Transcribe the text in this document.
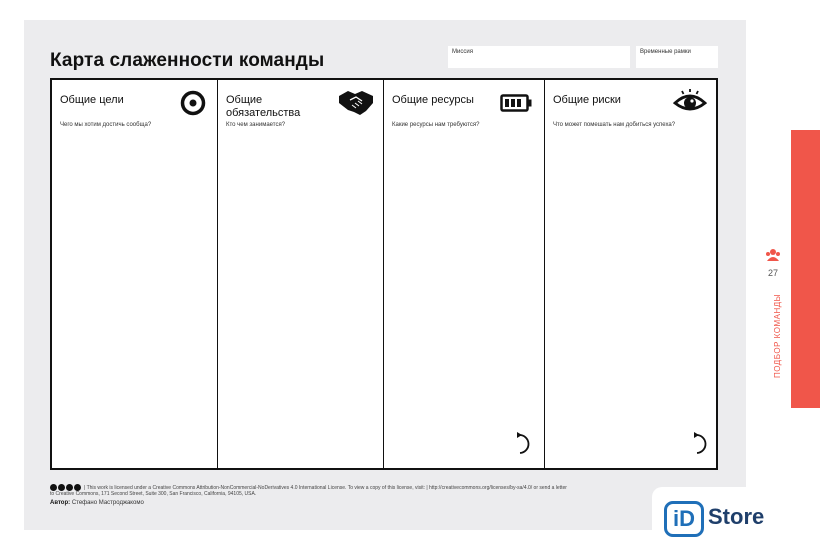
Карта слаженности команды	Миссия	Временные рамки
Общие цели
Чего мы хотим достичь сообща?
Общие обязательства
Кто чем занимается?
Общие ресурсы
Какие ресурсы нам требуются?
Общие риски
Что может помешать нам добиться успеха?
| This work is licensed under a Creative Commons Attribution-NonCommercial-NoDerivatives 4.0 International License. To view a copy of this license, visit: | http://creativecommons.org/licenses/by-sa/4.0/ or send a letter to Creative Commons, 171 Second Street, Suite 300, San Francisco, California, 94105, USA.
Автор: Стефано Мастроджакомо
27
ПОДБОР КОМАНДЫ
iD Store
